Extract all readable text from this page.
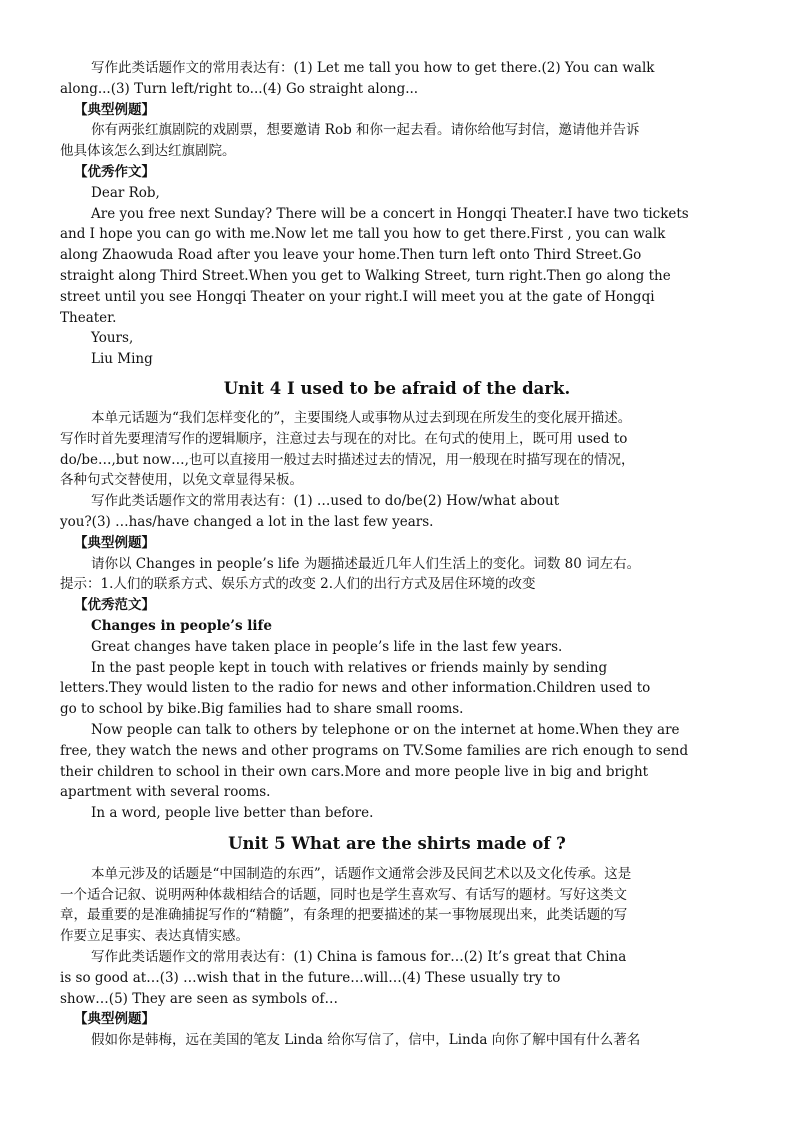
写作此类话题作文的常用表达有：(1) Let me tall you how to get there.(2) You can walk
along...(3) Turn left/right to...(4) Go straight along...
【典型例题】
你有两张红旗剧院的戏剧票，想要邀请 Rob 和你一起去看。请你给他写封信，邀请他并告诉
他具体该怎么到达红旗剧院。
【优秀作文】
Dear Rob,
Are you free next Sunday? There will be a concert in Hongqi Theater.I have two tickets
and I hope you can go with me.Now let me tall you how to get there.First , you can walk
along Zhaowuda Road after you leave your home.Then turn left onto Third Street.Go
straight along Third Street.When you get to Walking Street, turn right.Then go along the
street until you see Hongqi Theater on your right.I will meet you at the gate of Hongqi
Theater.
Yours,
Liu Ming
Unit 4 I used to be afraid of the dark.
本单元话题为“我们怎样变化的”，主要围绕人或事物从过去到现在所发生的变化展开描述。
写作时首先要理清写作的逻辑顺序，注意过去与现在的对比。在句式的使用上，既可用 used to
do/be…,but now…,也可以直接用一般过去时描述过去的情况，用一般现在时描写现在的情况，
各种句式交替使用，以免文章显得呆板。
写作此类话题作文的常用表达有：(1) …used to do/be(2) How/what about
you?(3) …has/have changed a lot in the last few years.
【典型例题】
请你以 Changes in people’s life 为题描述最近几年人们生活上的变化。词数 80 词左右。
提示：1.人们的联系方式、娱乐方式的改变 2.人们的出行方式及居住环境的改变
【优秀范文】
Changes in people’s life
Great changes have taken place in people’s life in the last few years.
In the past people kept in touch with relatives or friends mainly by sending
letters.They would listen to the radio for news and other information.Children used to
go to school by bike.Big families had to share small rooms.
Now people can talk to others by telephone or on the internet at home.When they are
free, they watch the news and other programs on TV.Some families are rich enough to send
their children to school in their own cars.More and more people live in big and bright
apartment with several rooms.
In a word, people live better than before.
Unit 5 What are the shirts made of ?
本单元涉及的话题是“中国制造的东西”，话题作文通常会涉及民间艺术以及文化传承。这是
一个适合记叙、说明两种体裁相结合的话题，同时也是学生喜欢写、有话写的题材。写好这类文
章，最重要的是准确捕捉写作的“精髓”，有条理的把要描述的某一事物展现出来，此类话题的写
作要立足事实、表达真情实感。
写作此类话题作文的常用表达有：(1) China is famous for…(2) It’s great that China
is so good at…(3) …wish that in the future…will…(4) These usually try to
show…(5) They are seen as symbols of…
【典型例题】
假如你是韩梅，远在美国的笔友 Linda 给你写信了，信中，Linda 向你了解中国有什么著名
